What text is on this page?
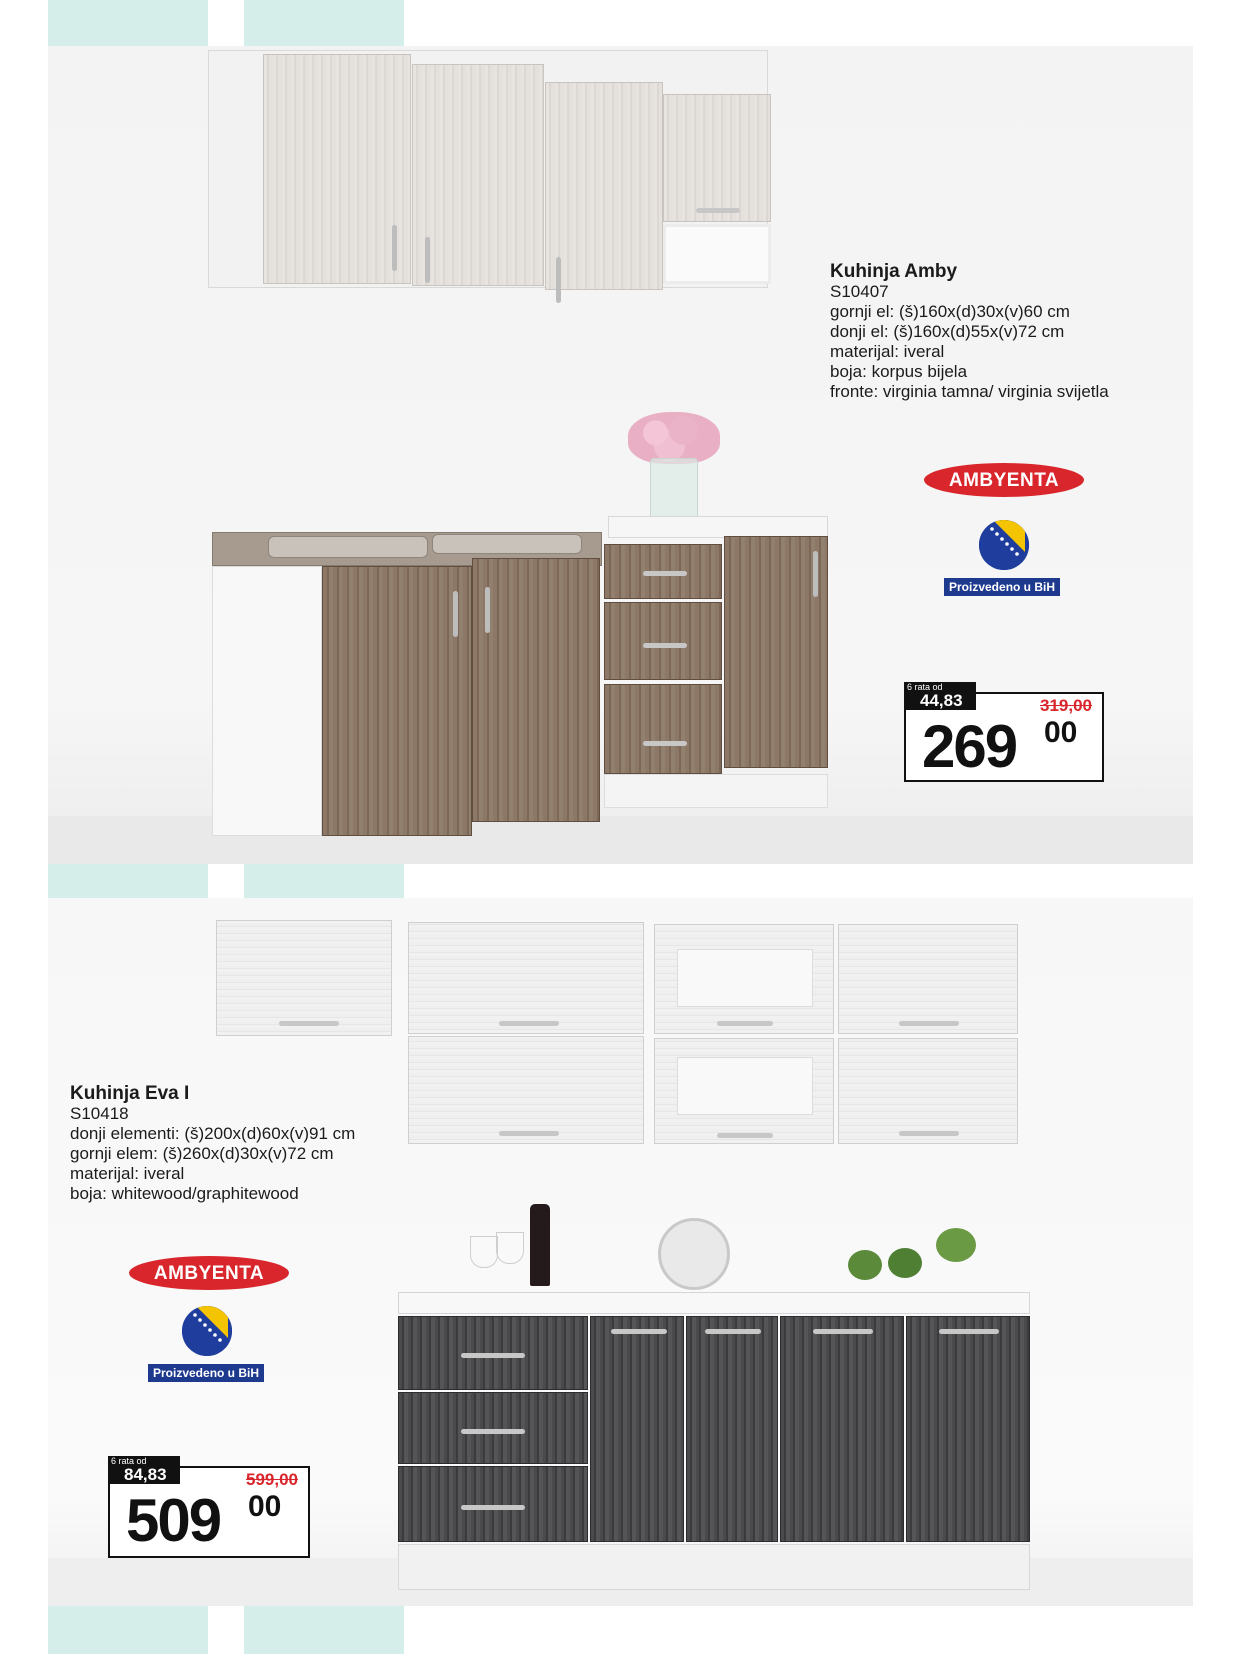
Kuhinja Amby
S10407
gornji el: (š)160x(d)30x(v)60 cm
donji el: (š)160x(d)55x(v)72 cm
materijal: iveral
boja: korpus bijela
fronte: virginia tamna/ virginia svijetla
AMBYENTA
Proizvedeno u BiH
6 rata od
44,83	319,00
269 00
Kuhinja Eva I
S10418
donji elementi: (š)200x(d)60x(v)91 cm
gornji elem: (š)260x(d)30x(v)72 cm
materijal: iveral
boja: whitewood/graphitewood
AMBYENTA
Proizvedeno u BiH
6 rata od
84,83	599,00
509 00
